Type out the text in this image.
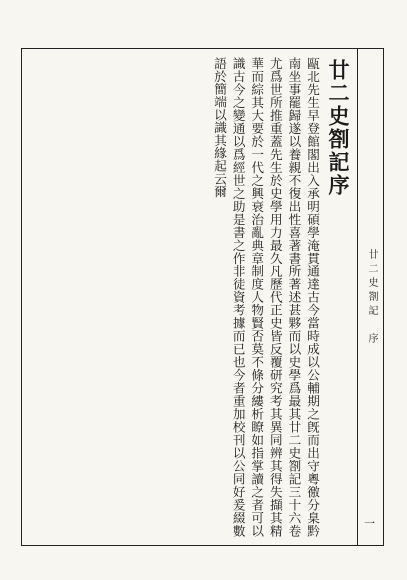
廿二史劄記　序
一
廿二史劄記序

甌北先生早登館閣出入承明碩學淹貫通達古今當時成以公輔期之旣而出守粵徼分臬黔南坐事罷歸遂以養親不復出性喜著書所著述甚夥而以史學爲最其廿二史劄記三十六卷尤爲世所推重蓋先生於史學用力最久凡歷代正史皆反覆研究考其異同辨其得失擷其精華而綜其大要於一代之興衰治亂典章制度人物賢否莫不條分縷析瞭如指掌讀之者可以識古今之變通以爲經世之助是書之作非徒資考據而已也今者重加校刊以公同好爰綴數語於簡端以識其緣起云爾
